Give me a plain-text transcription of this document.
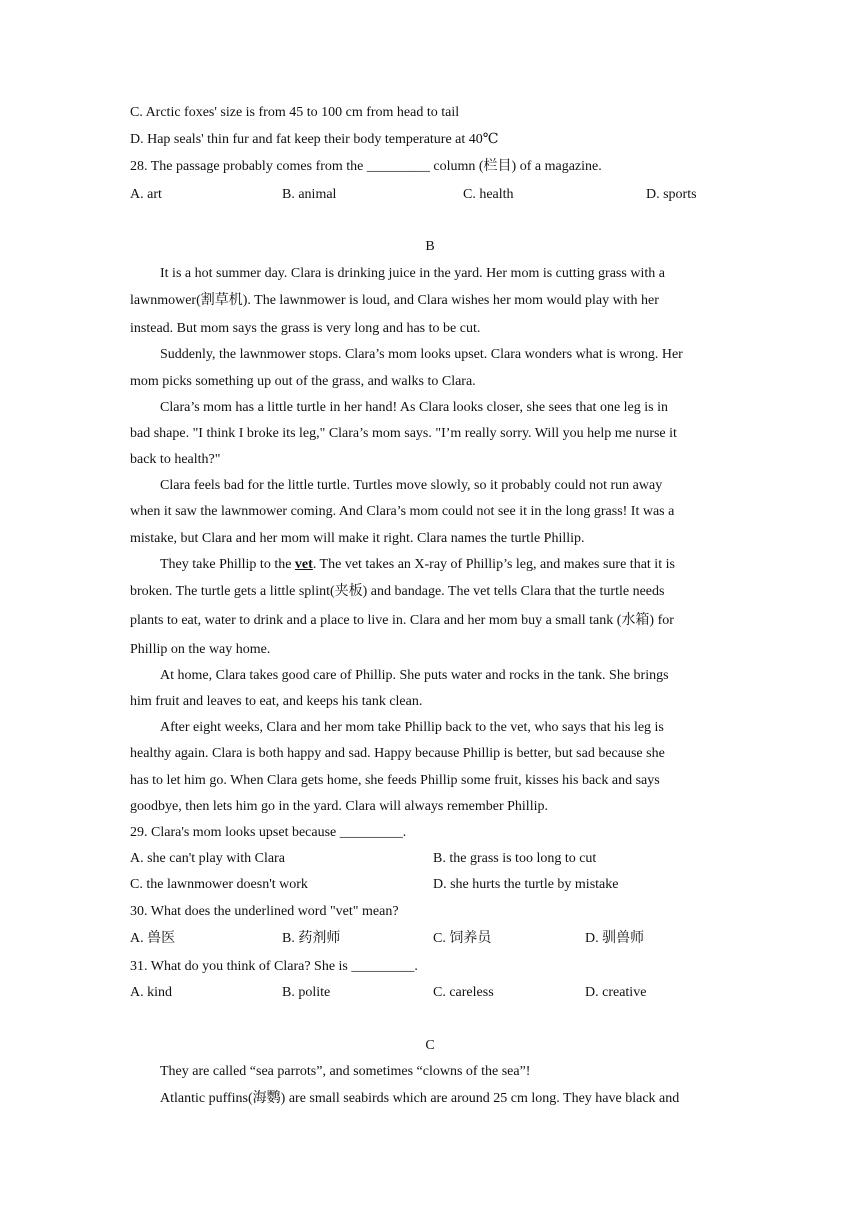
C. Arctic foxes' size is from 45 to 100 cm from head to tail
D. Hap seals' thin fur and fat keep their body temperature at 40℃
28. The passage probably comes from the _________ column (栏目) of a magazine.
A. art	B. animal	C. health	D. sports
B
It is a hot summer day. Clara is drinking juice in the yard. Her mom is cutting grass with a
lawnmower(割草机). The lawnmower is loud, and Clara wishes her mom would play with her
instead. But mom says the grass is very long and has to be cut.
Suddenly, the lawnmower stops. Clara’s mom looks upset. Clara wonders what is wrong. Her
mom picks something up out of the grass, and walks to Clara.
Clara’s mom has a little turtle in her hand! As Clara looks closer, she sees that one leg is in
bad shape. "I think I broke its leg," Clara’s mom says. "I’m really sorry. Will you help me nurse it
back to health?"
Clara feels bad for the little turtle. Turtles move slowly, so it probably could not run away
when it saw the lawnmower coming. And Clara’s mom could not see it in the long grass! It was a
mistake, but Clara and her mom will make it right. Clara names the turtle Phillip.
They take Phillip to the vet. The vet takes an X-ray of Phillip’s leg, and makes sure that it is
broken. The turtle gets a little splint(夹板) and bandage. The vet tells Clara that the turtle needs
plants to eat, water to drink and a place to live in. Clara and her mom buy a small tank (水箱) for
Phillip on the way home.
At home, Clara takes good care of Phillip. She puts water and rocks in the tank. She brings
him fruit and leaves to eat, and keeps his tank clean.
After eight weeks, Clara and her mom take Phillip back to the vet, who says that his leg is
healthy again. Clara is both happy and sad. Happy because Phillip is better, but sad because she
has to let him go. When Clara gets home, she feeds Phillip some fruit, kisses his back and says
goodbye, then lets him go in the yard. Clara will always remember Phillip.
29. Clara's mom looks upset because _________.
A. she can't play with Clara	B. the grass is too long to cut
C. the lawnmower doesn't work	D. she hurts the turtle by mistake
30. What does the underlined word "vet" mean?
A. 兽医	B. 药剂师	C. 饲养员	D. 驯兽师
31. What do you think of Clara? She is _________.
A. kind	B. polite	C. careless	D. creative
C
They are called “sea parrots”, and sometimes “clowns of the sea”!
Atlantic puffins(海鹦) are small seabirds which are around 25 cm long. They have black and
